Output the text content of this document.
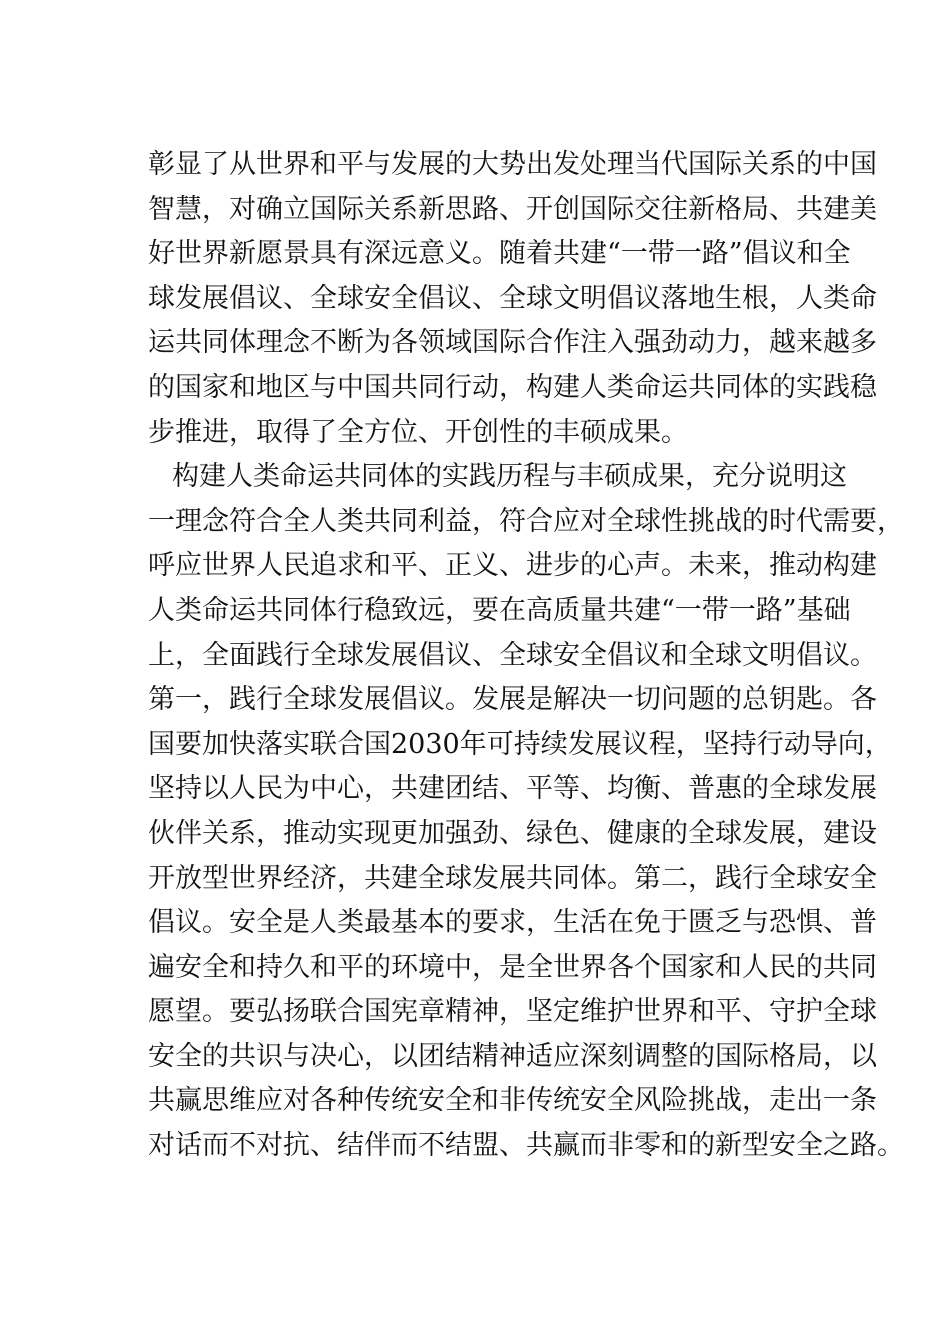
彰显了从世界和平与发展的大势出发处理当代国际关系的中国
智慧，对确立国际关系新思路、开创国际交往新格局、共建美
好世界新愿景具有深远意义。随着共建“一带一路”倡议和全
球发展倡议、全球安全倡议、全球文明倡议落地生根，人类命
运共同体理念不断为各领域国际合作注入强劲动力，越来越多
的国家和地区与中国共同行动，构建人类命运共同体的实践稳
步推进，取得了全方位、开创性的丰硕成果。
构建人类命运共同体的实践历程与丰硕成果，充分说明这
一理念符合全人类共同利益，符合应对全球性挑战的时代需要，
呼应世界人民追求和平、正义、进步的心声。未来，推动构建
人类命运共同体行稳致远，要在高质量共建“一带一路”基础
上，全面践行全球发展倡议、全球安全倡议和全球文明倡议。
第一，践行全球发展倡议。发展是解决一切问题的总钥匙。各
国要加快落实联合国2030年可持续发展议程，坚持行动导向，
坚持以人民为中心，共建团结、平等、均衡、普惠的全球发展
伙伴关系，推动实现更加强劲、绿色、健康的全球发展，建设
开放型世界经济，共建全球发展共同体。第二，践行全球安全
倡议。安全是人类最基本的要求，生活在免于匮乏与恐惧、普
遍安全和持久和平的环境中，是全世界各个国家和人民的共同
愿望。要弘扬联合国宪章精神，坚定维护世界和平、守护全球
安全的共识与决心，以团结精神适应深刻调整的国际格局，以
共赢思维应对各种传统安全和非传统安全风险挑战，走出一条
对话而不对抗、结伴而不结盟、共赢而非零和的新型安全之路。
